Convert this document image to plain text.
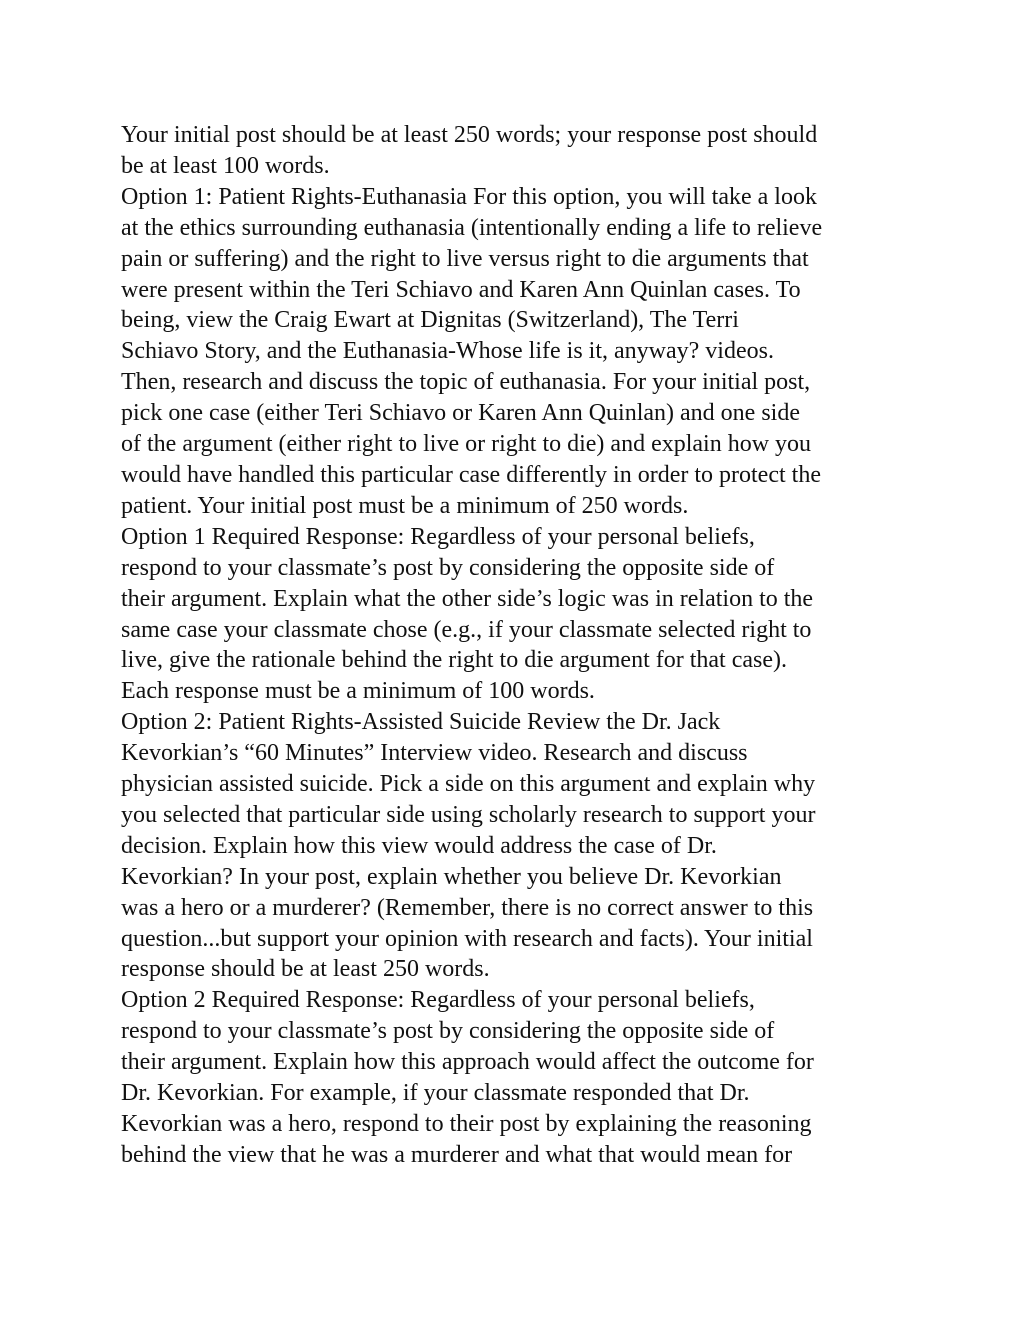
Your initial post should be at least 250 words; your response post should
be at least 100 words.
Option 1: Patient Rights-Euthanasia For this option, you will take a look
at the ethics surrounding euthanasia (intentionally ending a life to relieve
pain or suffering) and the right to live versus right to die arguments that
were present within the Teri Schiavo and Karen Ann Quinlan cases. To
being, view the Craig Ewart at Dignitas (Switzerland), The Terri
Schiavo Story, and the Euthanasia-Whose life is it, anyway? videos.
Then, research and discuss the topic of euthanasia. For your initial post,
pick one case (either Teri Schiavo or Karen Ann Quinlan) and one side
of the argument (either right to live or right to die) and explain how you
would have handled this particular case differently in order to protect the
patient. Your initial post must be a minimum of 250 words.
Option 1 Required Response: Regardless of your personal beliefs,
respond to your classmate’s post by considering the opposite side of
their argument. Explain what the other side’s logic was in relation to the
same case your classmate chose (e.g., if your classmate selected right to
live, give the rationale behind the right to die argument for that case).
Each response must be a minimum of 100 words.
Option 2: Patient Rights-Assisted Suicide Review the Dr. Jack
Kevorkian’s “60 Minutes” Interview video. Research and discuss
physician assisted suicide. Pick a side on this argument and explain why
you selected that particular side using scholarly research to support your
decision. Explain how this view would address the case of Dr.
Kevorkian? In your post, explain whether you believe Dr. Kevorkian
was a hero or a murderer? (Remember, there is no correct answer to this
question...but support your opinion with research and facts). Your initial
response should be at least 250 words.
Option 2 Required Response: Regardless of your personal beliefs,
respond to your classmate’s post by considering the opposite side of
their argument. Explain how this approach would affect the outcome for
Dr. Kevorkian. For example, if your classmate responded that Dr.
Kevorkian was a hero, respond to their post by explaining the reasoning
behind the view that he was a murderer and what that would mean for
